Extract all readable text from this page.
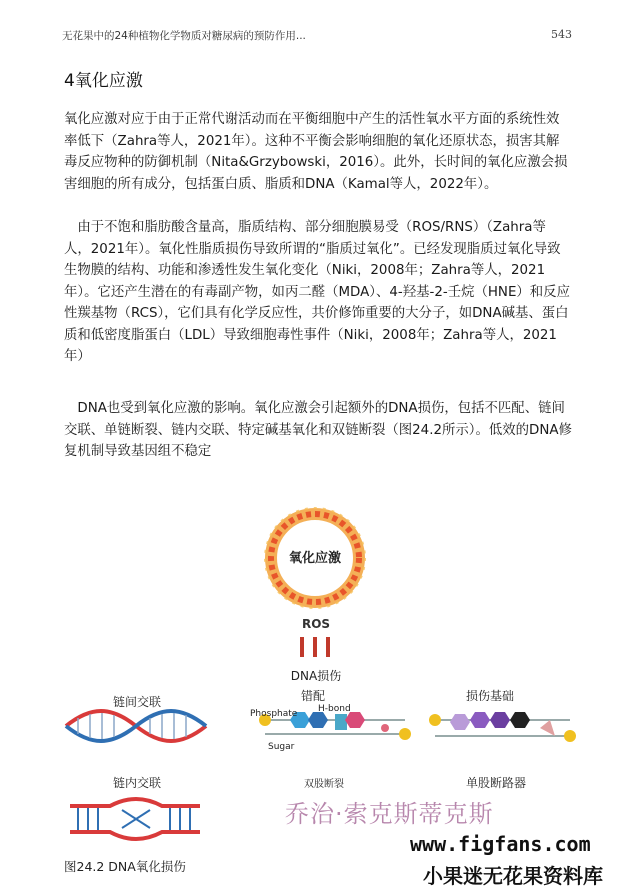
无花果中的24种植物化学物质对糖尿病的预防作用...	543
4氧化应激
氧化应激对应于由于正常代谢活动而在平衡细胞中产生的活性氧水平方面的系统性效率低下（Zahra等人，2021年）。这种不平衡会影响细胞的氧化还原状态，损害其解毒反应物种的防御机制（Nita&Grzybowski，2016）。此外，长时间的氧化应激会损害细胞的所有成分，包括蛋白质、脂质和DNA（Kamal等人，2022年）。
由于不饱和脂肪酸含量高，脂质结构、部分细胞膜易受（ROS/RNS）（Zahra等人，2021年）。氧化性脂质损伤导致所谓的“脂质过氧化”。已经发现脂质过氧化导致生物膜的结构、功能和渗透性发生氧化变化（Niki，2008年；Zahra等人，2021年）。它还产生潜在的有毒副产物，如丙二醛（MDA）、4-羟基-2-壬烷（HNE）和反应性羰基物（RCS），它们具有化学反应性，共价修饰重要的大分子，如DNA碱基、蛋白质和低密度脂蛋白（LDL）导致细胞毒性事件（Niki，2008年；Zahra等人，2021年）
DNA也受到氧化应激的影响。氧化应激会引起额外的DNA损伤，包括不匹配、链间交联、单链断裂、链内交联、特定碱基氧化和双链断裂（图24.2所示）。低效的DNA修复机制导致基因组不稳定
氧化应激
ROS
DNA损伤
链间交联	错配	损伤基础
Phosphate H-bond
Sugar
链内交联	双股断裂	单股断路器
乔治·索克斯蒂克斯
www.figfans.com
小果迷无花果资料库
图24.2 DNA氧化损伤
